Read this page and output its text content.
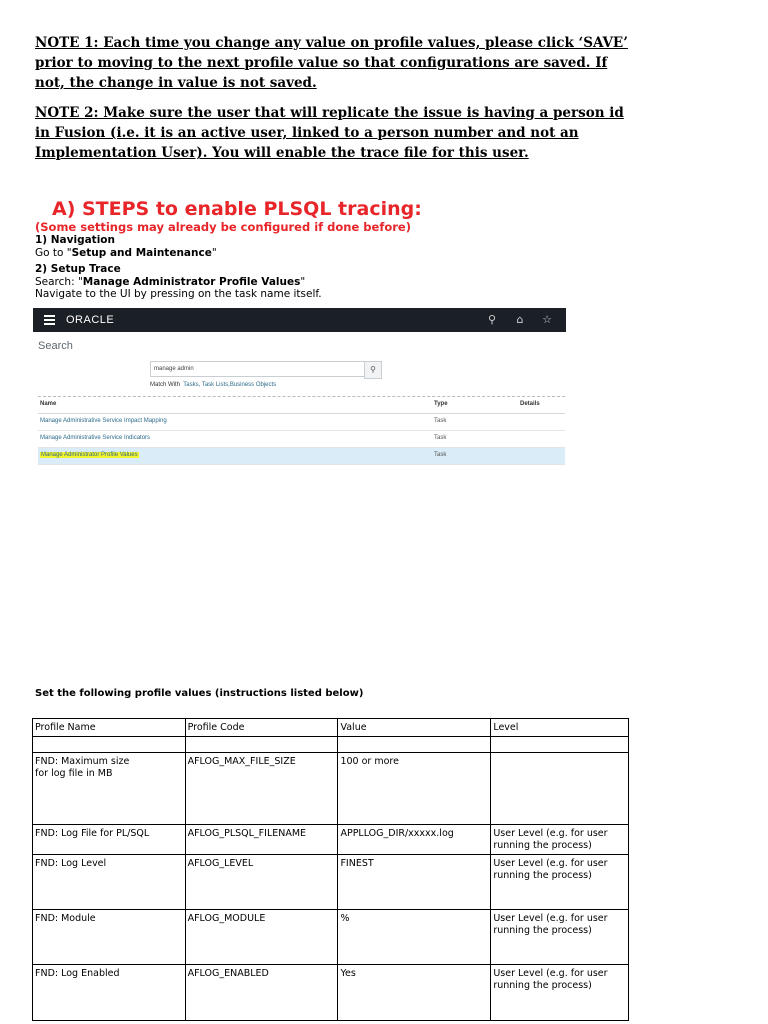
NOTE 1: Each time you change any value on profile values, please click ‘SAVE’ prior to moving to the next profile value so that configurations are saved. If not, the change in value is not saved.

NOTE 2: Make sure the user that will replicate the issue is having a person id in Fusion (i.e. it is an active user, linked to a person number and not an Implementation User). You will enable the trace file for this user.

A) STEPS to enable PLSQL tracing:

(Some settings may already be configured if done before)

1) Navigation

Go to "Setup and Maintenance"

2) Setup Trace

Search: "Manage Administrator Profile Values"

Navigate to the UI by pressing on the task name itself.

ORACLE	⚲	⌂	☆
Search
manage admin	⚲
Match With Tasks, Task Lists,Business Objects
Name	Type	Details
Manage Administrative Service Impact Mapping	Task
Manage Administrative Service Indicators	Task
Manage Administrator Profile Values	Task
Set the following profile values (instructions listed below)
Profile Name	Profile Code	Value	Level

FND: Maximum size
for log file in MB	AFLOG_MAX_FILE_SIZE	100 or more	
FND: Log File for PL/SQL	AFLOG_PLSQL_FILENAME	APPLLOG_DIR/xxxxx.log	User Level (e.g. for user
running the process)
FND: Log Level	AFLOG_LEVEL	FINEST	User Level (e.g. for user
running the process)
FND: Module	AFLOG_MODULE	%	User Level (e.g. for user
running the process)
FND: Log Enabled	AFLOG_ENABLED	Yes	User Level (e.g. for user
running the process)
